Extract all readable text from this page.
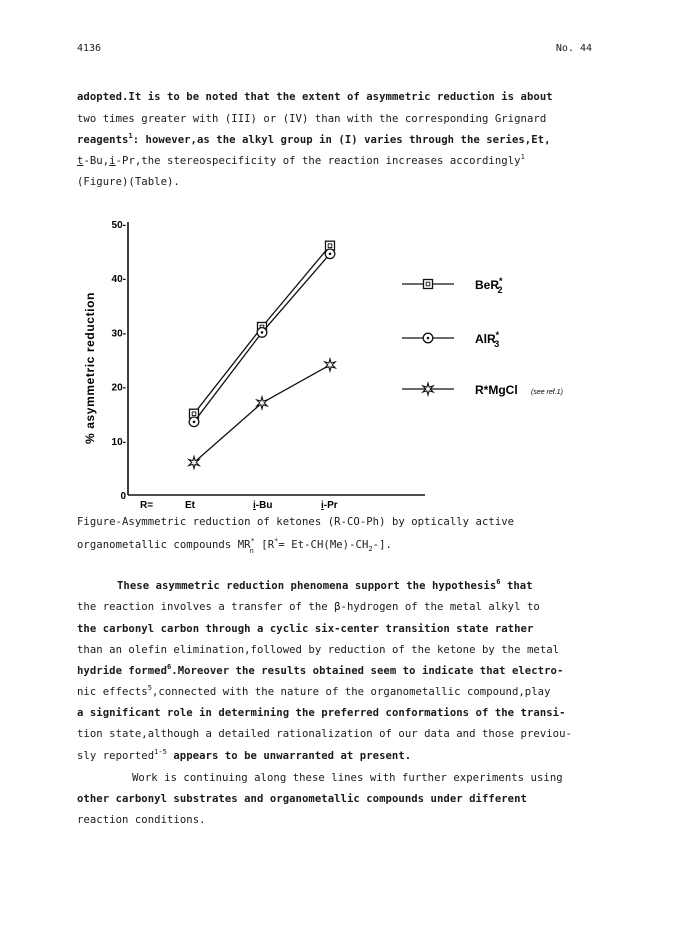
4136	No. 44
adopted.It is to be noted that the extent of asymmetric reduction is about
two times greater with (III) or (IV) than with the corresponding Grignard
reagents$^1$: however,as the alkyl group in (I) varies through the series,Et,
t-Bu,i-Pr,the stereospecificity of the reaction increases accordingly$^1$
(Figure)(Table).
0
10-
20-
30-
40-
50-
% asymmetric reduction
R=	Et	i-Bu	i-Pr
BeR* 2
AlR* 3
R*MgCl (see ref.1)
Figure-Asymmetric reduction of ketones (R-CO-Ph) by optically active
organometallic compounds MR*
n $[R^*= Et-CH(Me)-CH_2-]$.
These asymmetric reduction phenomena support the hypothesis$^6$ that
the reaction involves a transfer of the β-hydrogen of the metal alkyl to
the carbonyl carbon through a cyclic six-center transition state rather
than an olefin elimination,followed by reduction of the ketone by the metal
hydride formed$^6$.Moreover the results obtained seem to indicate that electro-
nic effects$^5$,connected with the nature of the organometallic compound,play
a significant role in determining the preferred conformations of the transi-
tion state,although a detailed rationalization of our data and those previou-
sly reported$^{1-5}$ appears to be unwarranted at present.
Work is continuing along these lines with further experiments using
other carbonyl substrates and organometallic compounds under different
reaction conditions.
